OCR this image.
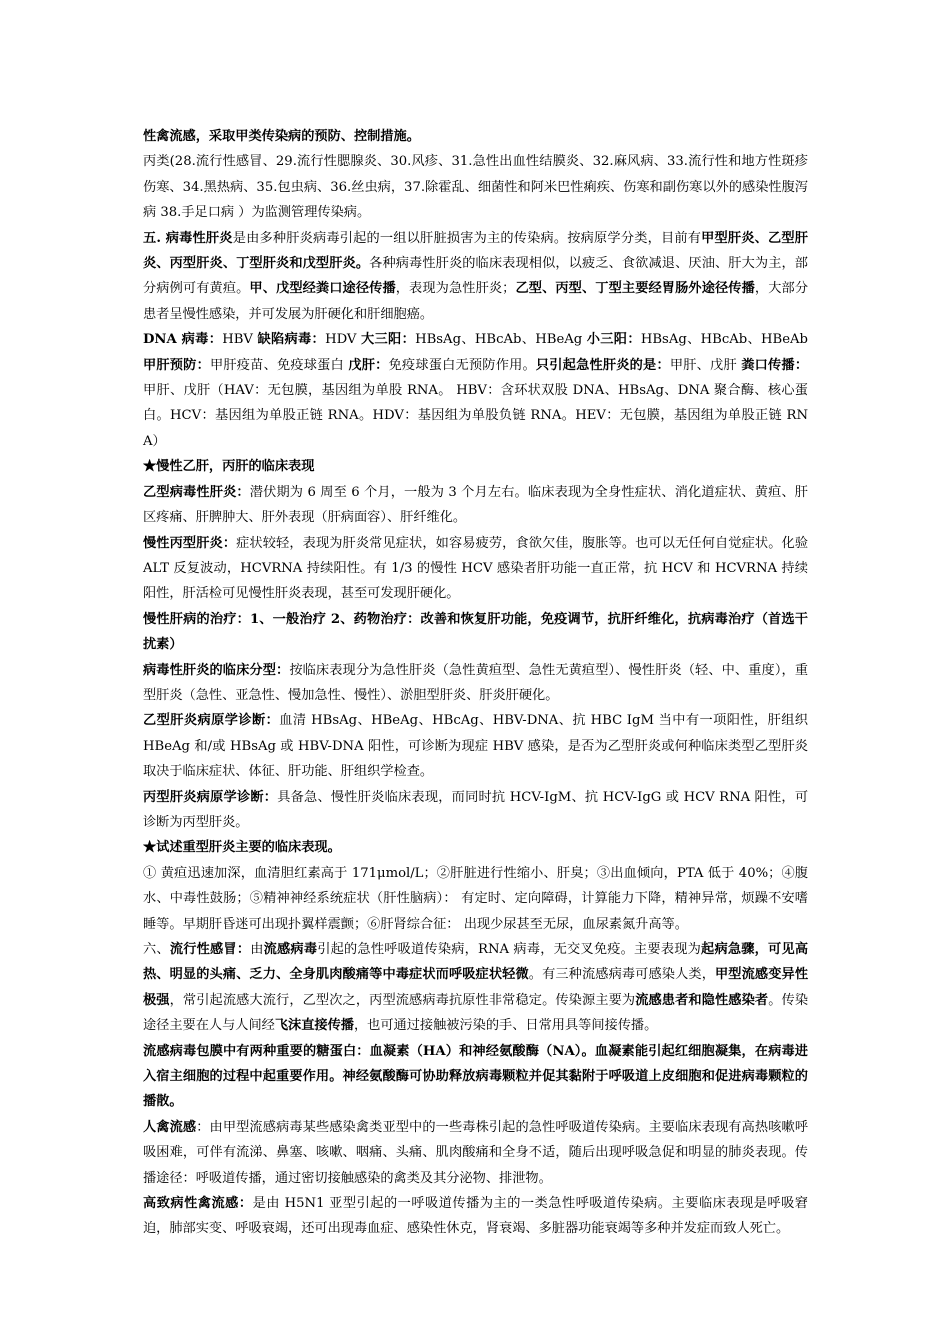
性禽流感，采取甲类传染病的预防、控制措施。

丙类(28.流行性感冒、29.流行性腮腺炎、30.风疹、31.急性出血性结膜炎、32.麻风病、33.流行性和地方性斑疹伤寒、34.黑热病、35.包虫病、36.丝虫病，37.除霍乱、细菌性和阿米巴性痢疾、伤寒和副伤寒以外的感染性腹泻病 38.手足口病 ）为监测管理传染病。

五. 病毒性肝炎是由多种肝炎病毒引起的一组以肝脏损害为主的传染病。按病原学分类，目前有甲型肝炎、乙型肝炎、丙型肝炎、丁型肝炎和戊型肝炎。各种病毒性肝炎的临床表现相似，以疲乏、食欲减退、厌油、肝大为主，部分病例可有黄疸。甲、戊型经粪口途径传播，表现为急性肝炎；乙型、丙型、丁型主要经胃肠外途径传播，大部分患者呈慢性感染，并可发展为肝硬化和肝细胞癌。

DNA 病毒：HBV 缺陷病毒：HDV 大三阳：HBsAg、HBcAb、HBeAg 小三阳：HBsAg、HBcAb、HBeAb 甲肝预防：甲肝疫苗、免疫球蛋白 戊肝：免疫球蛋白无预防作用。只引起急性肝炎的是：甲肝、戊肝 粪口传播：甲肝、戊肝（HAV：无包膜，基因组为单股 RNA。 HBV：含环状双股 DNA、HBsAg、DNA 聚合酶、核心蛋白。HCV：基因组为单股正链 RNA。HDV：基因组为单股负链 RNA。HEV：无包膜，基因组为单股正链 RNA）

★慢性乙肝，丙肝的临床表现

乙型病毒性肝炎：潜伏期为 6 周至 6 个月，一般为 3 个月左右。临床表现为全身性症状、消化道症状、黄疸、肝区疼痛、肝脾肿大、肝外表现（肝病面容）、肝纤维化。

慢性丙型肝炎：症状较轻，表现为肝炎常见症状，如容易疲劳，食欲欠佳，腹胀等。也可以无任何自觉症状。化验 ALT 反复波动，HCVRNA 持续阳性。有 1/3 的慢性 HCV 感染者肝功能一直正常，抗 HCV 和 HCVRNA 持续阳性，肝活检可见慢性肝炎表现，甚至可发现肝硬化。

慢性肝病的治疗：1、一般治疗 2、药物治疗：改善和恢复肝功能，免疫调节，抗肝纤维化，抗病毒治疗（首选干扰素）

病毒性肝炎的临床分型：按临床表现分为急性肝炎（急性黄疸型、急性无黄疸型）、慢性肝炎（轻、中、重度），重型肝炎（急性、亚急性、慢加急性、慢性）、淤胆型肝炎、肝炎肝硬化。

乙型肝炎病原学诊断：血清 HBsAg、HBeAg、HBcAg、HBV-DNA、抗 HBC IgM 当中有一项阳性，肝组织 HBeAg 和/或 HBsAg 或 HBV-DNA 阳性，可诊断为现症 HBV 感染，是否为乙型肝炎或何种临床类型乙型肝炎取决于临床症状、体征、肝功能、肝组织学检查。

丙型肝炎病原学诊断：具备急、慢性肝炎临床表现，而同时抗 HCV-IgM、抗 HCV-IgG 或 HCV RNA 阳性，可诊断为丙型肝炎。

★试述重型肝炎主要的临床表现。

① 黄疸迅速加深，血清胆红素高于 171μmol/L；②肝脏进行性缩小、肝臭；③出血倾向，PTA 低于 40%；④腹水、中毒性鼓肠；⑤精神神经系统症状（肝性脑病）： 有定时、定向障碍，计算能力下降，精神异常，烦躁不安嗜睡等。早期肝昏迷可出现扑翼样震颤；⑥肝肾综合征： 出现少尿甚至无尿，血尿素氮升高等。

六、流行性感冒：由流感病毒引起的急性呼吸道传染病，RNA 病毒，无交叉免疫。主要表现为起病急骤，可见高热、明显的头痛、乏力、全身肌肉酸痛等中毒症状而呼吸症状轻微。有三种流感病毒可感染人类，甲型流感变异性极强，常引起流感大流行，乙型次之，丙型流感病毒抗原性非常稳定。传染源主要为流感患者和隐性感染者。传染途径主要在人与人间经飞沫直接传播，也可通过接触被污染的手、日常用具等间接传播。

流感病毒包膜中有两种重要的糖蛋白：血凝素（HA）和神经氨酸酶（NA）。血凝素能引起红细胞凝集，在病毒进入宿主细胞的过程中起重要作用。神经氨酸酶可协助释放病毒颗粒并促其黏附于呼吸道上皮细胞和促进病毒颗粒的播散。

人禽流感：由甲型流感病毒某些感染禽类亚型中的一些毒株引起的急性呼吸道传染病。主要临床表现有高热咳嗽呼吸困难，可伴有流涕、鼻塞、咳嗽、咽痛、头痛、肌肉酸痛和全身不适，随后出现呼吸急促和明显的肺炎表现。传播途径：呼吸道传播，通过密切接触感染的禽类及其分泌物、排泄物。

高致病性禽流感：是由 H5N1 亚型引起的一呼吸道传播为主的一类急性呼吸道传染病。主要临床表现是呼吸窘迫，肺部实变、呼吸衰竭，还可出现毒血症、感染性休克，肾衰竭、多脏器功能衰竭等多种并发症而致人死亡。
